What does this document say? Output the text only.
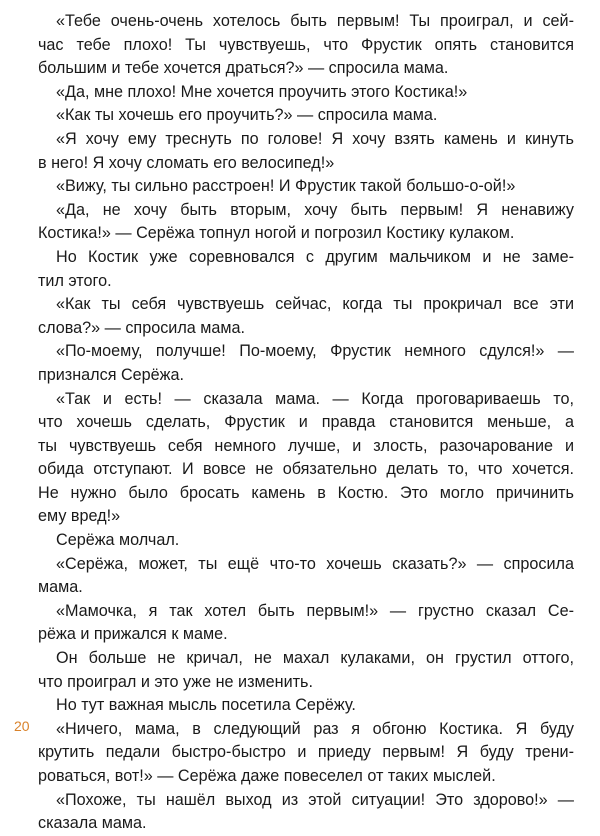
«Тебе очень-очень хотелось быть первым! Ты проиграл, и сей-
час тебе плохо! Ты чувствуешь, что Фрустик опять становится
большим и тебе хочется драться?» — спросила мама.
«Да, мне плохо! Мне хочется проучить этого Костика!»
«Как ты хочешь его проучить?» — спросила мама.
«Я хочу ему треснуть по голове! Я хочу взять камень и кинуть
в него! Я хочу сломать его велосипед!»
«Вижу, ты сильно расстроен! И Фрустик такой большо-о-ой!»
«Да, не хочу быть вторым, хочу быть первым! Я ненавижу
Костика!» — Серёжа топнул ногой и погрозил Костику кулаком.
Но Костик уже соревновался с другим мальчиком и не заме-
тил этого.
«Как ты себя чувствуешь сейчас, когда ты прокричал все эти
слова?» — спросила мама.
«По-моему, получше! По-моему, Фрустик немного сдулся!» —
признался Серёжа.
«Так и есть! — сказала мама. — Когда проговариваешь то,
что хочешь сделать, Фрустик и правда становится меньше, а
ты чувствуешь себя немного лучше, и злость, разочарование и
обида отступают. И вовсе не обязательно делать то, что хочется.
Не нужно было бросать камень в Костю. Это могло причинить
ему вред!»
Серёжа молчал.
«Серёжа, может, ты ещё что-то хочешь сказать?» — спросила
мама.
«Мамочка, я так хотел быть первым!» — грустно сказал Се-
рёжа и прижался к маме.
Он больше не кричал, не махал кулаками, он грустил оттого,
что проиграл и это уже не изменить.
Но тут важная мысль посетила Серёжу.
«Ничего, мама, в следующий раз я обгоню Костика. Я буду
крутить педали быстро-быстро и приеду первым! Я буду трени-
роваться, вот!» — Серёжа даже повеселел от таких мыслей.
«Похоже, ты нашёл выход из этой ситуации! Это здорово!» —
сказала мама.
20
